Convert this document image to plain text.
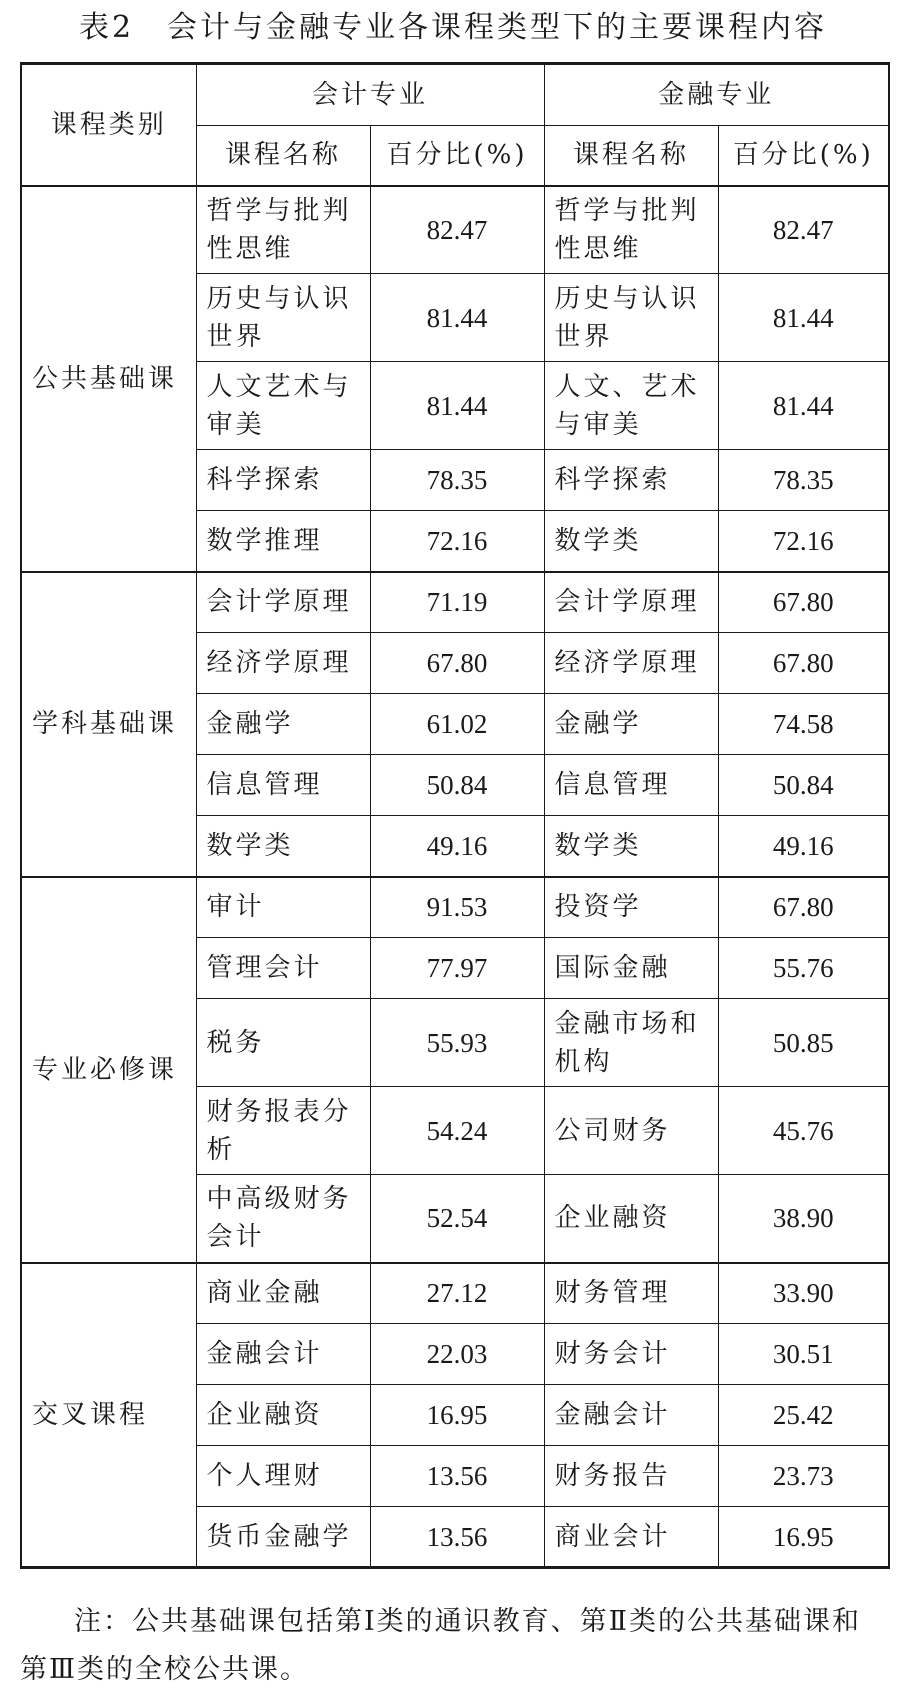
表2　会计与金融专业各课程类型下的主要课程内容
课程类别	会计专业		金融专业	
	课程名称	百分比(%)	课程名称	百分比(%)
公共基础课	哲学与批判性思维	82.47	哲学与批判性思维	82.47
	历史与认识世界	81.44	历史与认识世界	81.44
	人文艺术与审美	81.44	人文、艺术与审美	81.44
	科学探索	78.35	科学探索	78.35
	数学推理	72.16	数学类	72.16
学科基础课	会计学原理	71.19	会计学原理	67.80
	经济学原理	67.80	经济学原理	67.80
	金融学	61.02	金融学	74.58
	信息管理	50.84	信息管理	50.84
	数学类	49.16	数学类	49.16
专业必修课	审计	91.53	投资学	67.80
	管理会计	77.97	国际金融	55.76
	税务	55.93	金融市场和机构	50.85
	财务报表分析	54.24	公司财务	45.76
	中高级财务会计	52.54	企业融资	38.90
交叉课程	商业金融	27.12	财务管理	33.90
	金融会计	22.03	财务会计	30.51
	企业融资	16.95	金融会计	25.42
	个人理财	13.56	财务报告	23.73
	货币金融学	13.56	商业会计	16.95
注：公共基础课包括第Ⅰ类的通识教育、第Ⅱ类的公共基础课和第Ⅲ类的全校公共课。
